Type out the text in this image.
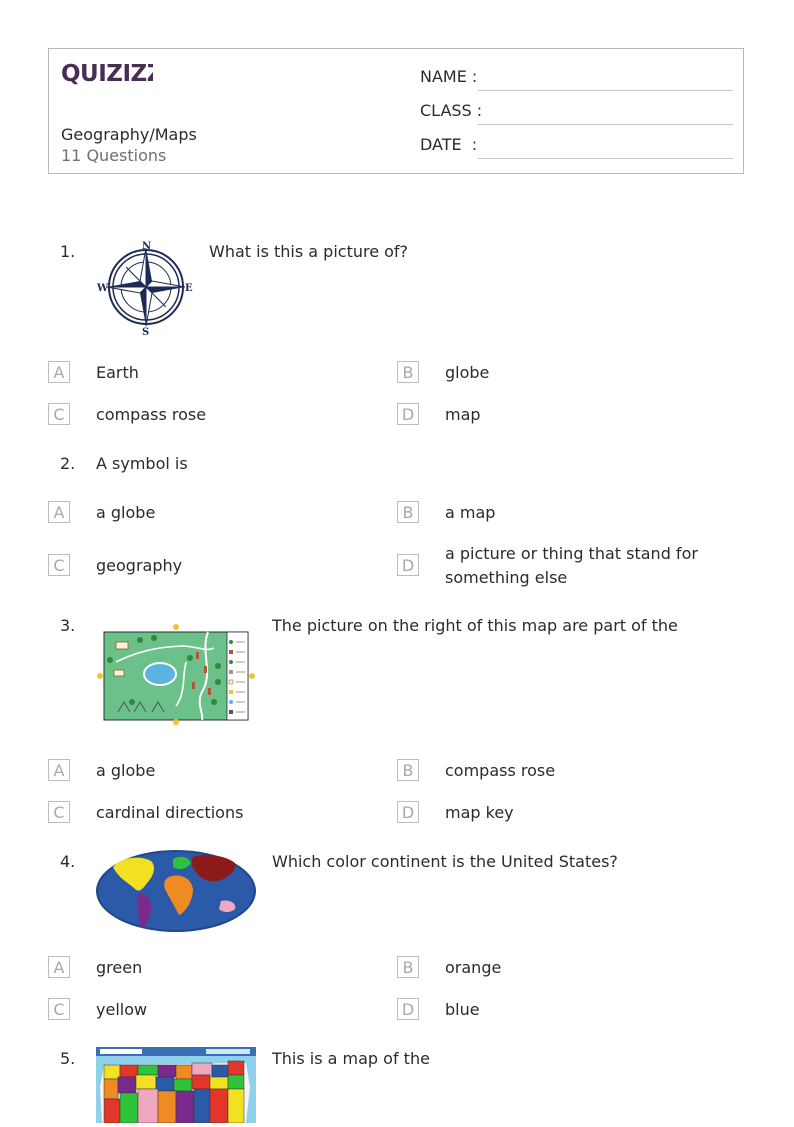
QUIZIZZ
Geography/Maps
11 Questions
NAME :
CLASS :
DATE  :
1.	N
S
E
W
What is this a picture of?
A	Earth	B	globe
C	compass rose	D	map
2. A symbol is
A	a globe	B	a map
C	geography	D
a picture or thing that stand for something else
3.	The picture on the right of this map are part of the
A	a globe	B	compass rose
C	cardinal directions	D	map key
4.	Which color continent is the United States?
A	green	B	orange
C	yellow	D	blue
5.	This is a map of the
